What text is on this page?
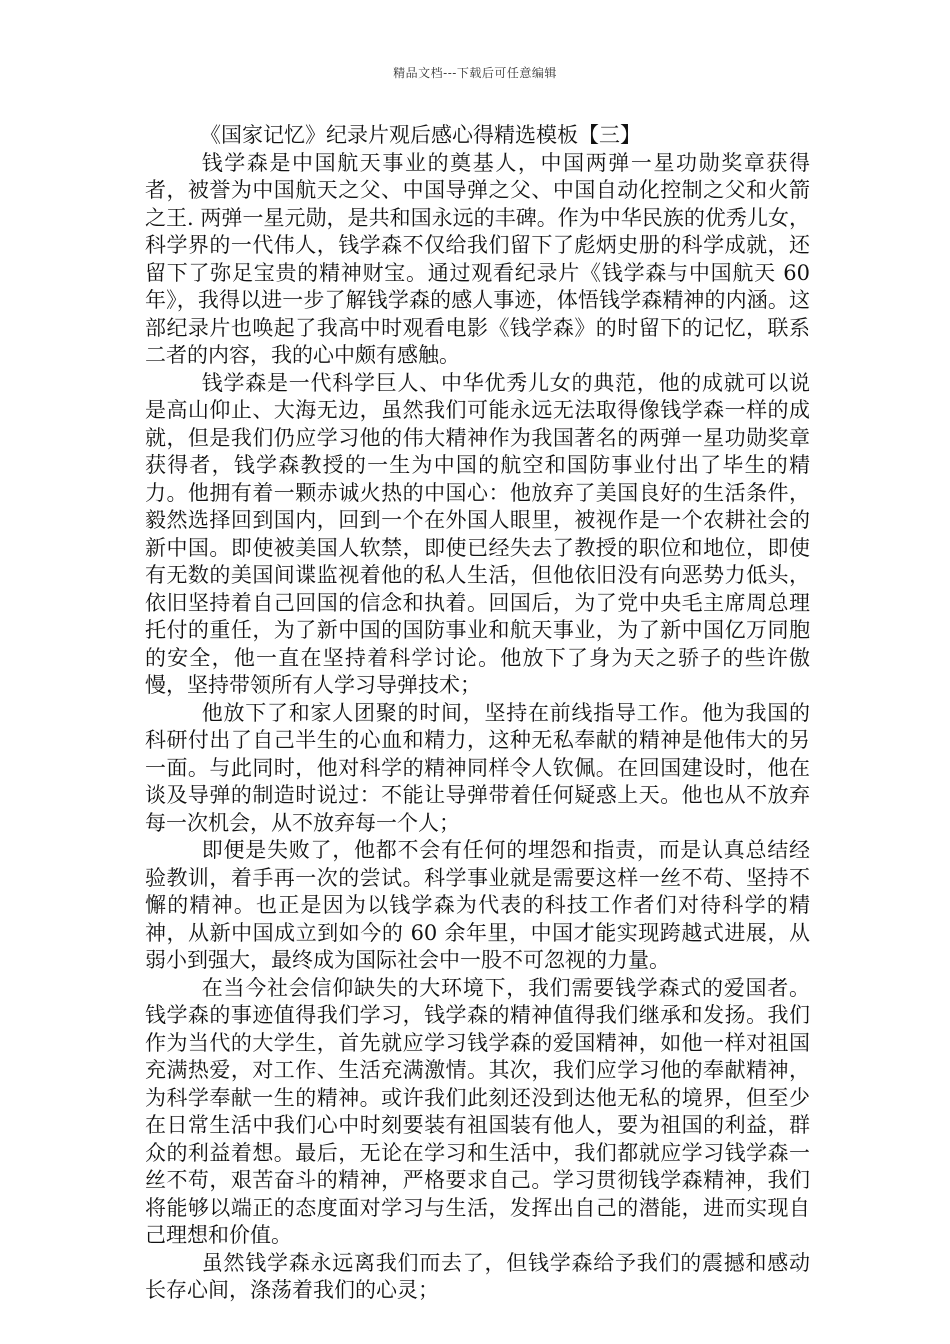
精品文档---下载后可任意编辑
《国家记忆》纪录片观后感心得精选模板【三】

钱学森是中国航天事业的奠基人，中国两弹一星功勋奖章获得者，被誉为中国航天之父、中国导弹之父、中国自动化控制之父和火箭之王. 两弹一星元勋，是共和国永远的丰碑。作为中华民族的优秀儿女，科学界的一代伟人，钱学森不仅给我们留下了彪炳史册的科学成就，还留下了弥足宝贵的精神财宝。通过观看纪录片《钱学森与中国航天 60 年》，我得以进一步了解钱学森的感人事迹，体悟钱学森精神的内涵。这部纪录片也唤起了我高中时观看电影《钱学森》的时留下的记忆，联系二者的内容，我的心中颇有感触。

钱学森是一代科学巨人、中华优秀儿女的典范，他的成就可以说是高山仰止、大海无边，虽然我们可能永远无法取得像钱学森一样的成就，但是我们仍应学习他的伟大精神作为我国著名的两弹一星功勋奖章获得者，钱学森教授的一生为中国的航空和国防事业付出了毕生的精力。他拥有着一颗赤诚火热的中国心：他放弃了美国良好的生活条件，毅然选择回到国内，回到一个在外国人眼里，被视作是一个农耕社会的新中国。即使被美国人软禁，即使已经失去了教授的职位和地位，即使有无数的美国间谍监视着他的私人生活，但他依旧没有向恶势力低头，依旧坚持着自己回国的信念和执着。回国后，为了党中央毛主席周总理托付的重任，为了新中国的国防事业和航天事业，为了新中国亿万同胞的安全，他一直在坚持着科学讨论。他放下了身为天之骄子的些许傲慢，坚持带领所有人学习导弹技术；

他放下了和家人团聚的时间，坚持在前线指导工作。他为我国的科研付出了自己半生的心血和精力，这种无私奉献的精神是他伟大的另一面。与此同时，他对科学的精神同样令人钦佩。在回国建设时，他在谈及导弹的制造时说过：不能让导弹带着任何疑惑上天。他也从不放弃每一次机会，从不放弃每一个人；

即便是失败了，他都不会有任何的埋怨和指责，而是认真总结经验教训，着手再一次的尝试。科学事业就是需要这样一丝不苟、坚持不懈的精神。也正是因为以钱学森为代表的科技工作者们对待科学的精神，从新中国成立到如今的 60 余年里，中国才能实现跨越式进展，从弱小到强大，最终成为国际社会中一股不可忽视的力量。

在当今社会信仰缺失的大环境下，我们需要钱学森式的爱国者。钱学森的事迹值得我们学习，钱学森的精神值得我们继承和发扬。我们作为当代的大学生，首先就应学习钱学森的爱国精神，如他一样对祖国充满热爱，对工作、生活充满激情。其次，我们应学习他的奉献精神，为科学奉献一生的精神。或许我们此刻还没到达他无私的境界，但至少在日常生活中我们心中时刻要装有祖国装有他人，要为祖国的利益，群众的利益着想。最后，无论在学习和生活中，我们都就应学习钱学森一丝不苟，艰苦奋斗的精神，严格要求自己。学习贯彻钱学森精神，我们将能够以端正的态度面对学习与生活，发挥出自己的潜能，进而实现自己理想和价值。

虽然钱学森永远离我们而去了，但钱学森给予我们的震撼和感动长存心间，涤荡着我们的心灵；
